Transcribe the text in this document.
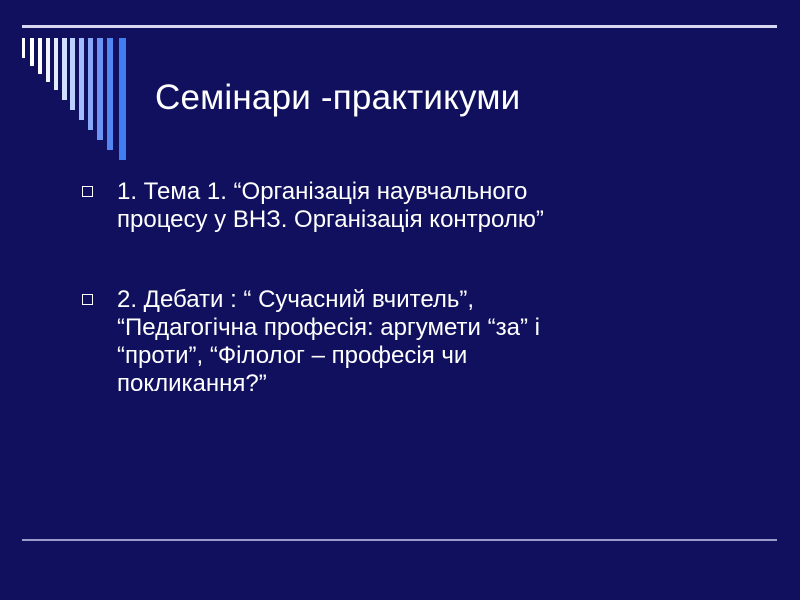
Семінари -практикуми
1. Тема 1. “Організація наувчального
процесу у ВНЗ. Організація контролю”
2. Дебати : “ Сучасний вчитель”,
“Педагогічна професія: аргумети “за” і
“проти”, “Філолог – професія чи
покликання?”
